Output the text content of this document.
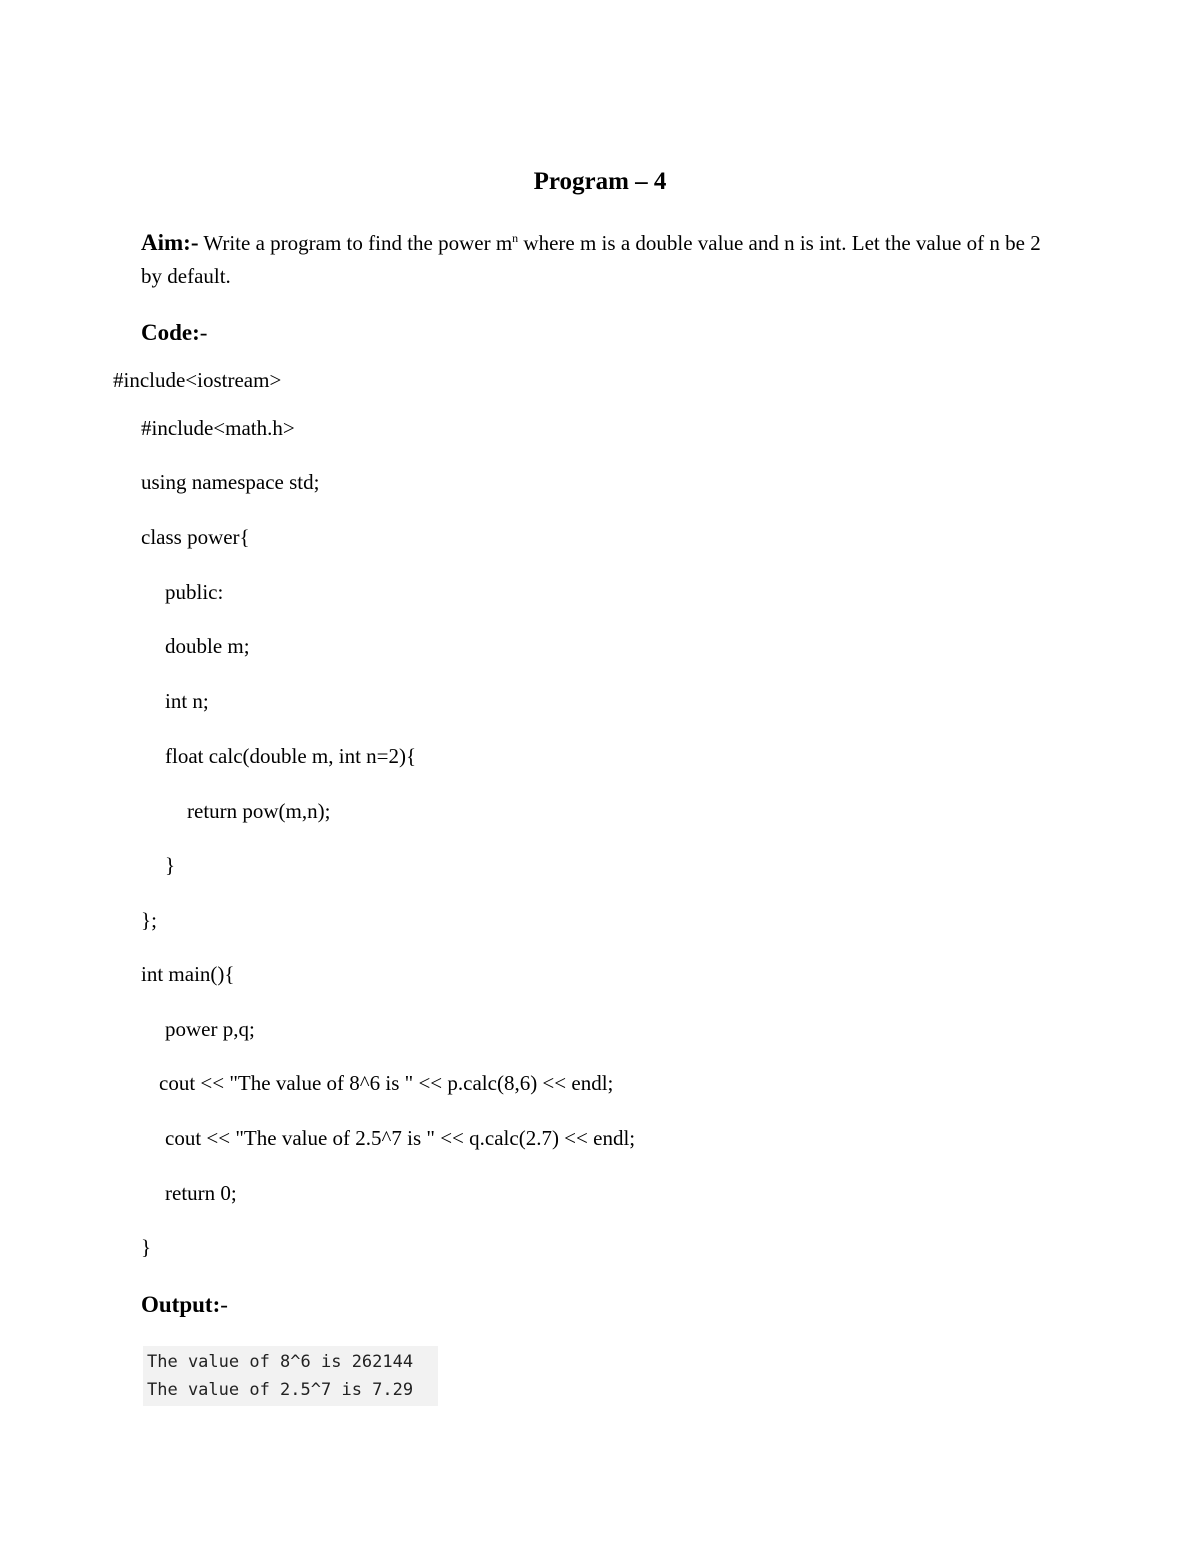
Program – 4
Aim:- Write a program to find the power $m^n$ where m is a double value and n is int. Let the value of n be 2 by default.
Code:-
#include<iostream>
#include<math.h>
using namespace std;
class power{
public:
double m;
int n;
float calc(double m, int n=2){
return pow(m,n);
}
};
int main(){
power p,q;
cout << "The value of 8^6 is " << p.calc(8,6) << endl;
cout << "The value of 2.5^7 is " << q.calc(2.7) << endl;
return 0;
}
Output:-
The value of 8^6 is 262144
The value of 2.5^7 is 7.29
